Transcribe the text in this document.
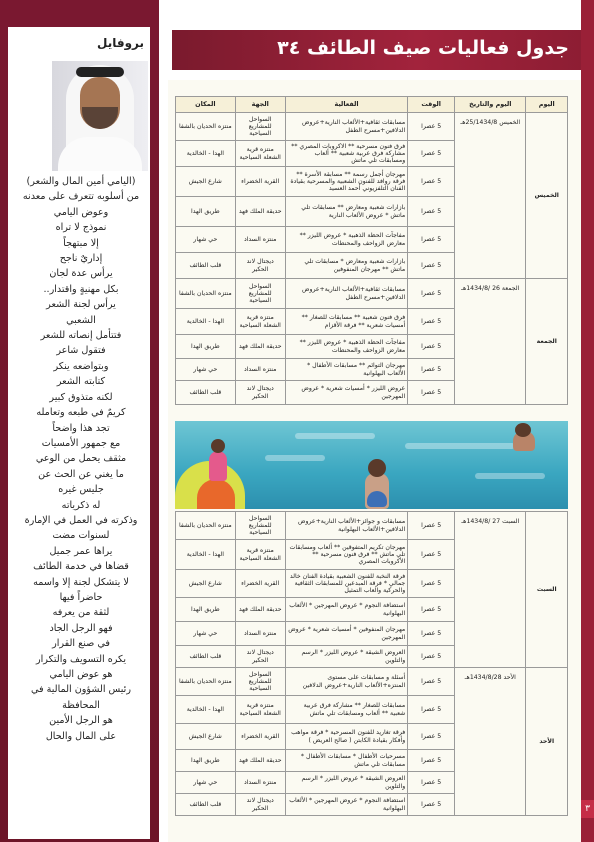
٣
جدول فعاليات صيف الطائف ٣٤
بروفايل
(اليامي أمين المال والشعر)
من أسلوبه تتعرف على معدنه
وعوض اليامي
نموذج لا تراه
إلا مبتهجاً
إداريٌ ناجح
يرأس عدة لجان
بكل مهنيةٍ واقتدار..
يرأس لجنة الشعر
الشعبي
فتتأمل إنصاته للشعر
فتقول شاعر
وبتواضعه ينكر
كتابته الشعر
لكنه متذوق كبير
كريمٌ في طبعه وتعامله
تجد هذا واضحاً
مع جمهور الأمسيات
مثقف يحمل من الوعي
ما يغني عن الحث عن
جليس غيره
له ذكرياته
وذكرته في العمل في الإمارة
لسنوات مضت
يراها عمر جميل
قضاها في خدمة الطائف
لا يتشكل لجنة إلا واسمه
حاضراً فيها
لثقة من يعرفه
فهو الرجل الجاد
في صنع القرار
يكره التسويف والتكرار
هو عوض اليامي
رئيس الشؤون المالية في
المحافظة
هو الرجل الأمين
على المال والحال
اليوم	اليوم والتاريخ	الوقت	الفعالية	الجهة	المكان
الخميس	الخميس 25/1434/8هـ	5 عصرا	مسابقات ثقافية+الألعاب النارية+عروض الدلافين+مسرح الطفل	السواحل للمشاريع السياحية	منتزه الحديان بالشفا
		5 عصرا	فرق فنون مسرحية ** الاكروبات المصري ** مشاركة فرق عربية شعبية ** ألعاب ومسابقات تلي ماتش	منتزه قرية الشعلة السياحية	الهدا - الخالدية
		5 عصرا	مهرجان أجمل رسمة ** مسابقة الأسرة ** فرقة روافد للفنون الشعبية والمسرحية بقيادة الفنان التلفزيوني أحمد العسيد	القرية الخضراء	شارع الجيش
		5 عصرا	بازارات شعبية ومعارض ** مسابقات تلي ماتش * عروض الألعاب النارية	حديقة الملك فهد	طريق الهدا
		5 عصرا	مفاجآت الحظة الذهبية * عروض الليزر ** معارض الزواحف والمحنطات	منتزه السداد	حي شهار
		5 عصرا	بازارات شعبية ومعارض * مسابقات تلي ماتش ** مهرجان المنفوفين	ديجتال لاند الحكير	قلب الطائف
الجمعة	الجمعة 26 /1434/8هـ	5 عصرا	مسابقات ثقافية+الألعاب النارية+عروض الدلافين+مسرح الطفل	السواحل للمشاريع السياحية	منتزه الحديان بالشفا
		5 عصرا	فرق فنون شعبية ** مسابقات للصغار ** أمسيات شعرية ** فرقة الأقزام	منتزه قرية الشعلة السياحية	الهدا - الخالدية
		5 عصرا	مفاجآت الحظة الذهبية * عروض الليزر ** معارض الزواحف والمحنطات	حديقة الملك فهد	طريق الهدا
		5 عصرا	مهرجان التوائم ** مسابقات الأطفال * الألعاب البهلوانية	منتزه السداد	حي شهار
		5 عصرا	عروض الليزر * أمسيات شعرية * عروض المهرجين	ديجتال لاند الحكير	قلب الطائف
السبت	السبت 27 /1434/8هـ	5 عصرا	مسابقات و جوائز+الألعاب النارية+عروض الدلافين+الألعاب البهلوانية	السواحل للمشاريع السياحية	منتزه الحديان بالشفا
		5 عصرا	مهرجان تكريم المتفوقين ** ألعاب ومسابقات تلي ماتش ** فرق فنون مسرحية ** الأكروبات المصري	منتزه قرية الشعلة السياحية	الهدا - الخالدية
		5 عصرا	فرقة النخبة للفنون الشعبية بقيادة الفنان خالد جمالي * فرقة المبدعين للمسابقات الثقافية والحركية والعاب التمثيل	القرية الخضراء	شارع الجيش
		5 عصرا	استضافة النجوم * عروض المهرجين * الألعاب البهلوانية	حديقة الملك فهد	طريق الهدا
		5 عصرا	مهرجان المنفوفين * أمسيات شعرية * عروض المهرجين	منتزه السداد	حي شهار
		5 عصرا	العروض الشيقة * عروض الليزر * الرسم والتلوين	ديجتال لاند الحكير	قلب الطائف
الأحد	الأحد 1434/8/28هـ	5 عصرا	أسئلة و مسابقات على مستوى المنتزه+الألعاب النارية+عروض الدلافين	السواحل للمشاريع السياحية	منتزه الحديان بالشفا
		5 عصرا	مسابقات للصغار ** مشاركة فرق عربية شعبية ** ألعاب ومسابقات تلي ماتش	منتزه قرية الشعلة السياحية	الهدا - الخالدية
		5 عصرا	فرقة تغاريد للفنون المسرحية * فرقة مواهب وأفكار بقيادة الكابتن ( صالح العريض )	القرية الخضراء	شارع الجيش
		5 عصرا	مسرحيات الأطفال * مسابقات الأطفال * مسابقات تلي ماتش	حديقة الملك فهد	طريق الهدا
		5 عصرا	العروض الشيقة * عروض الليزر * الرسم والتلوين	منتزه السداد	حي شهار
		5 عصرا	استضافة النجوم * عروض المهرجين * الألعاب البهلوانية	ديجتال لاند الحكير	قلب الطائف
